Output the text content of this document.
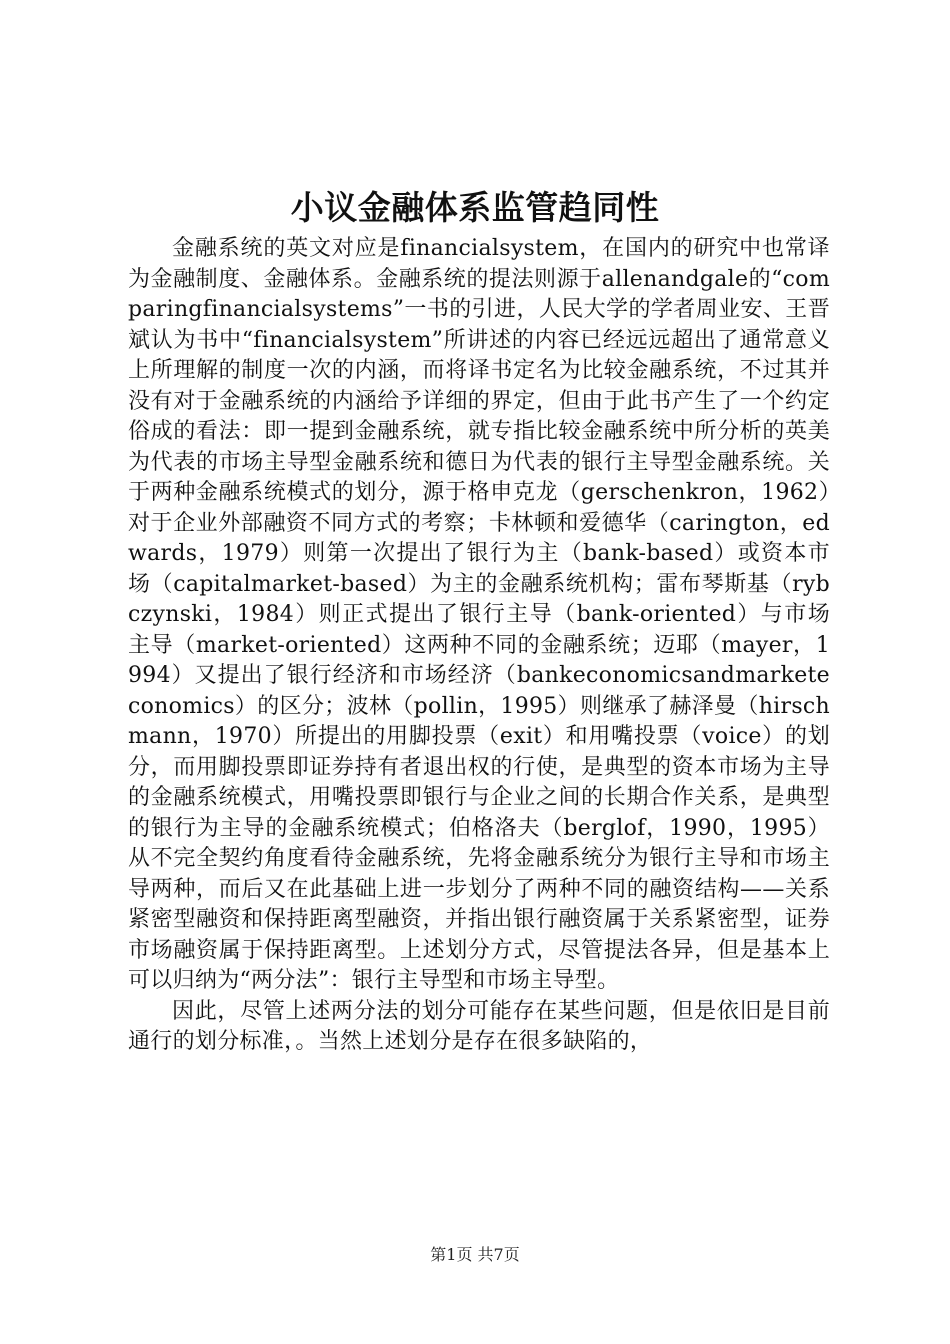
小议金融体系监管趋同性

金融系统的英文对应是financialsystem，在国内的研究中也常译为金融制度、金融体系。金融系统的提法则源于allenandgale的“comparingfinancialsystems”一书的引进，人民大学的学者周业安、王晋斌认为书中“financialsystem”所讲述的内容已经远远超出了通常意义上所理解的制度一次的内涵，而将译书定名为比较金融系统，不过其并没有对于金融系统的内涵给予详细的界定，但由于此书产生了一个约定俗成的看法：即一提到金融系统，就专指比较金融系统中所分析的英美为代表的市场主导型金融系统和德日为代表的银行主导型金融系统。关于两种金融系统模式的划分，源于格申克龙（gerschenkron，1962）对于企业外部融资不同方式的考察；卡林顿和爱德华（carington，edwards，1979）则第一次提出了银行为主（bank-based）或资本市场（capitalmarket-based）为主的金融系统机构；雷布琴斯基（rybczynski，1984）则正式提出了银行主导（bank-oriented）与市场主导（market-oriented）这两种不同的金融系统；迈耶（mayer，1994）又提出了银行经济和市场经济（bankeconomicsandmarketeconomics）的区分；波林（pollin，1995）则继承了赫泽曼（hirschmann，1970）所提出的用脚投票（exit）和用嘴投票（voice）的划分，而用脚投票即证券持有者退出权的行使，是典型的资本市场为主导的金融系统模式，用嘴投票即银行与企业之间的长期合作关系，是典型的银行为主导的金融系统模式；伯格洛夫（berglof，1990，1995）从不完全契约角度看待金融系统，先将金融系统分为银行主导和市场主导两种，而后又在此基础上进一步划分了两种不同的融资结构——关系紧密型融资和保持距离型融资，并指出银行融资属于关系紧密型，证券市场融资属于保持距离型。上述划分方式，尽管提法各异，但是基本上可以归纳为“两分法”：银行主导型和市场主导型。

因此，尽管上述两分法的划分可能存在某些问题，但是依旧是目前通行的划分标准，。当然上述划分是存在很多缺陷的，

第1页 共7页
